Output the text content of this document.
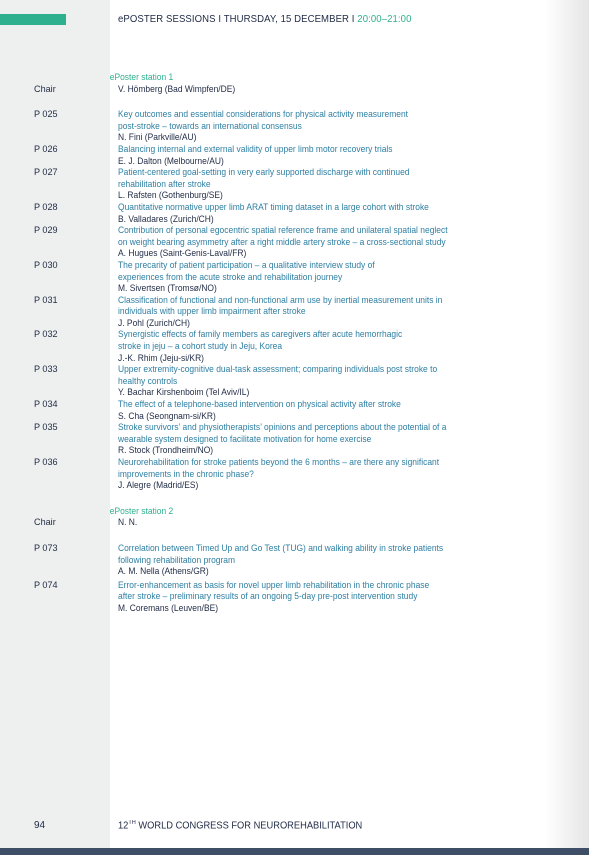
ePOSTER SESSIONS I THURSDAY, 15 DECEMBER I 20:00–21:00
ePoster station 1
Chair	V. Hömberg (Bad Wimpfen/DE)
P 025	Key outcomes and essential considerations for physical activity measurement
post-stroke – towards an international consensus
N. Fini (Parkville/AU)
P 026	Balancing internal and external validity of upper limb motor recovery trials
E. J. Dalton (Melbourne/AU)
P 027	Patient-centered goal-setting in very early supported discharge with continued
rehabilitation after stroke
L. Rafsten (Gothenburg/SE)
P 028	Quantitative normative upper limb ARAT timing dataset in a large cohort with stroke
B. Valladares (Zurich/CH)
P 029	Contribution of personal egocentric spatial reference frame and unilateral spatial neglect
on weight bearing asymmetry after a right middle artery stroke – a cross-sectional study
A. Hugues (Saint-Genis-Laval/FR)
P 030	The precarity of patient participation – a qualitative interview study of
experiences from the acute stroke and rehabilitation journey
M. Sivertsen (Tromsø/NO)
P 031	Classification of functional and non-functional arm use by inertial measurement units in
individuals with upper limb impairment after stroke
J. Pohl (Zurich/CH)
P 032	Synergistic effects of family members as caregivers after acute hemorrhagic
stroke in jeju – a cohort study in Jeju, Korea
J.-K. Rhim (Jeju-si/KR)
P 033	Upper extremity-cognitive dual-task assessment; comparing individuals post stroke to
healthy controls
Y. Bachar Kirshenboim (Tel Aviv/IL)
P 034	The effect of a telephone-based intervention on physical activity after stroke
S. Cha (Seongnam-si/KR)
P 035	Stroke survivors’ and physiotherapists’ opinions and perceptions about the potential of a
wearable system designed to facilitate motivation for home exercise
R. Stock (Trondheim/NO)
P 036	Neurorehabilitation for stroke patients beyond the 6 months – are there any significant
improvements in the chronic phase?
J. Alegre (Madrid/ES)
ePoster station 2
Chair	N. N.
P 073	Correlation between Timed Up and Go Test (TUG) and walking ability in stroke patients
following rehabilitation program
A. M. Nella (Athens/GR)
P 074	Error-enhancement as basis for novel upper limb rehabilitation in the chronic phase
after stroke – preliminary results of an ongoing 5-day pre-post intervention study
M. Coremans (Leuven/BE)
94	12TH WORLD CONGRESS FOR NEUROREHABILITATION
